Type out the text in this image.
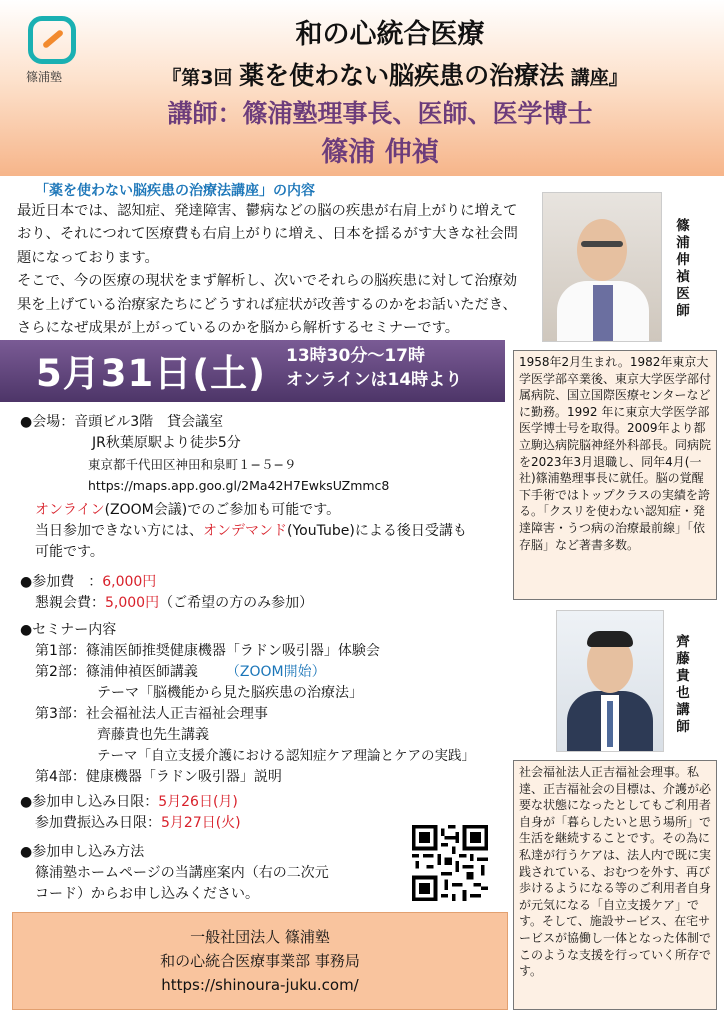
篠浦塾
和の心統合医療
『第3回 薬を使わない脳疾患の治療法 講座』
講師：篠浦塾理事長、医師、医学博士
篠浦 伸禎
「薬を使わない脳疾患の治療法講座」の内容
最近日本では、認知症、発達障害、鬱病などの脳の疾患が右肩上がりに増えており、それにつれて医療費も右肩上がりに増え、日本を揺るがす大きな社会問題になっております。
そこで、今の医療の現状をまず解析し、次いでそれらの脳疾患に対して治療効果を上げている治療家たちにどうすれば症状が改善するのかをお話いただき、さらになぜ成果が上がっているのかを脳から解析するセミナーです。
篠浦伸禎医師
5月31日(土) 13時30分～17時
オンラインは14時より
1958年2月生まれ。1982年東京大学医学部卒業後、東京大学医学部付属病院、国立国際医療センターなどに勤務。1992 年に東京大学医学部医学博士号を取得。2009年より都立駒込病院脳神経外科部長。同病院を2023年3月退職し、同年4月(一社)篠浦塾理事長に就任。脳の覚醒下手術ではトップクラスの実績を誇る。「クスリを使わない認知症・発達障害・うつ病の治療最前線」「依存脳」など著書多数。
●会場：音頭ビル3階　貸会議室
JR秋葉原駅より徒歩5分
東京都千代田区神田和泉町１−５−９
https://maps.app.goo.gl/2Ma42H7EwksUZmmc8
オンライン(ZOOM会議)でのご参加も可能です。
当日参加できない方には、オンデマンド(YouTube)による後日受講も
可能です。
●参加費　：6,000円
懇親会費：5,000円（ご希望の方のみ参加）
●セミナー内容
第1部：篠浦医師推奨健康機器「ラドン吸引器」体験会
第2部：篠浦伸禎医師講義 （ZOOM開始）
テーマ「脳機能から見た脳疾患の治療法」
第3部：社会福祉法人正吉福祉会理事
齊藤貴也先生講義
テーマ「自立支援介護における認知症ケア理論とケアの実践」
第4部：健康機器「ラドン吸引器」説明
●参加申し込み日限：5月26日(月)
参加費振込み日限：5月27日(火)
●参加申し込み方法
篠浦塾ホームページの当講座案内（右の二次元
コード）からお申し込みください。
一般社団法人 篠浦塾
和の心統合医療事業部 事務局
https://shinoura-juku.com/
齊藤貴也講師
社会福祉法人正吉福祉会理事。私達、正吉福祉会の目標は、介護が必要な状態になったとしてもご利用者自身が「暮らしたいと思う場所」で生活を継続することです。その為に私達が行うケアは、法人内で既に実践されている、おむつを外す、再び歩けるようになる等のご利用者自身が元気になる「自立支援ケア」です。そして、施設サービス、在宅サービスが協働し一体となった体制でこのような支援を行っていく所存です。
